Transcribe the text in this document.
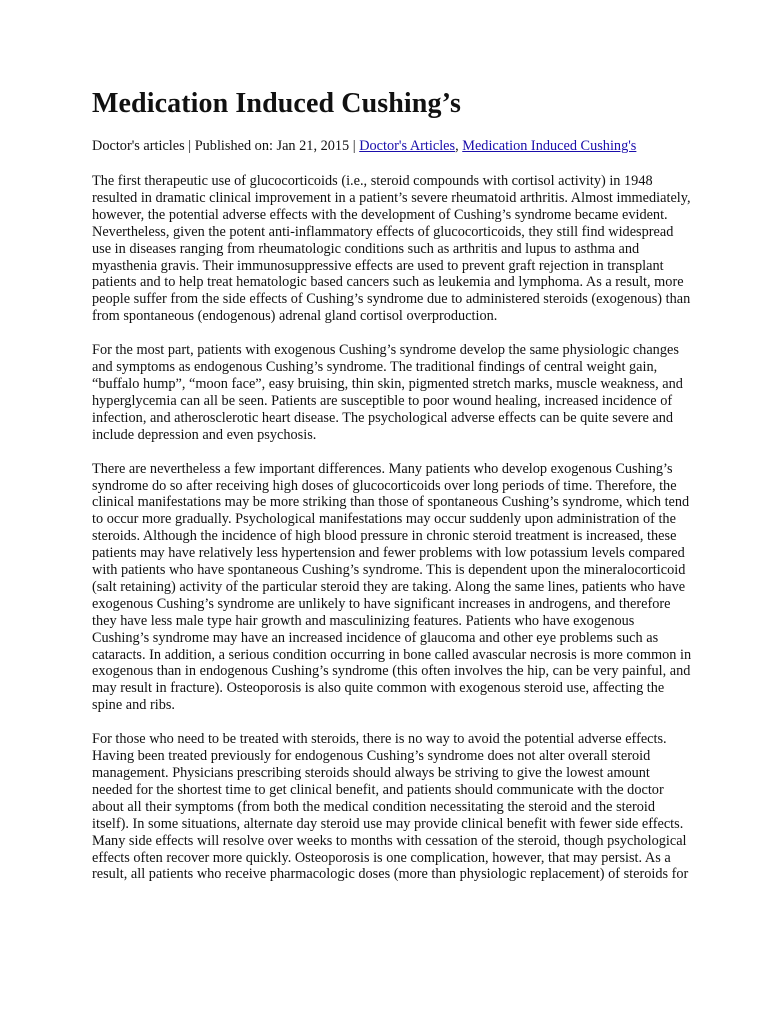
Medication Induced Cushing’s
Doctor's articles | Published on: Jan 21, 2015 | Doctor's Articles, Medication Induced Cushing's

The first therapeutic use of glucocorticoids (i.e., steroid compounds with cortisol activity) in 1948 resulted in dramatic clinical improvement in a patient’s severe rheumatoid arthritis. Almost immediately, however, the potential adverse effects with the development of Cushing’s syndrome became evident. Nevertheless, given the potent anti-inflammatory effects of glucocorticoids, they still find widespread use in diseases ranging from rheumatologic conditions such as arthritis and lupus to asthma and myasthenia gravis. Their immunosuppressive effects are used to prevent graft rejection in transplant patients and to help treat hematologic based cancers such as leukemia and lymphoma. As a result, more people suffer from the side effects of Cushing’s syndrome due to administered steroids (exogenous) than from spontaneous (endogenous) adrenal gland cortisol overproduction.

For the most part, patients with exogenous Cushing’s syndrome develop the same physiologic changes and symptoms as endogenous Cushing’s syndrome. The traditional findings of central weight gain, “buffalo hump”, “moon face”, easy bruising, thin skin, pigmented stretch marks, muscle weakness, and hyperglycemia can all be seen. Patients are susceptible to poor wound healing, increased incidence of infection, and atherosclerotic heart disease. The psychological adverse effects can be quite severe and include depression and even psychosis.

There are nevertheless a few important differences. Many patients who develop exogenous Cushing’s syndrome do so after receiving high doses of glucocorticoids over long periods of time. Therefore, the clinical manifestations may be more striking than those of spontaneous Cushing’s syndrome, which tend to occur more gradually. Psychological manifestations may occur suddenly upon administration of the steroids. Although the incidence of high blood pressure in chronic steroid treatment is increased, these patients may have relatively less hypertension and fewer problems with low potassium levels compared with patients who have spontaneous Cushing’s syndrome. This is dependent upon the mineralocorticoid (salt retaining) activity of the particular steroid they are taking. Along the same lines, patients who have exogenous Cushing’s syndrome are unlikely to have significant increases in androgens, and therefore they have less male type hair growth and masculinizing features. Patients who have exogenous Cushing’s syndrome may have an increased incidence of glaucoma and other eye problems such as cataracts. In addition, a serious condition occurring in bone called avascular necrosis is more common in exogenous than in endogenous Cushing’s syndrome (this often involves the hip, can be very painful, and may result in fracture). Osteoporosis is also quite common with exogenous steroid use, affecting the spine and ribs.

For those who need to be treated with steroids, there is no way to avoid the potential adverse effects. Having been treated previously for endogenous Cushing’s syndrome does not alter overall steroid management. Physicians prescribing steroids should always be striving to give the lowest amount needed for the shortest time to get clinical benefit, and patients should communicate with the doctor about all their symptoms (from both the medical condition necessitating the steroid and the steroid itself). In some situations, alternate day steroid use may provide clinical benefit with fewer side effects. Many side effects will resolve over weeks to months with cessation of the steroid, though psychological effects often recover more quickly. Osteoporosis is one complication, however, that may persist. As a result, all patients who receive pharmacologic doses (more than physiologic replacement) of steroids for
